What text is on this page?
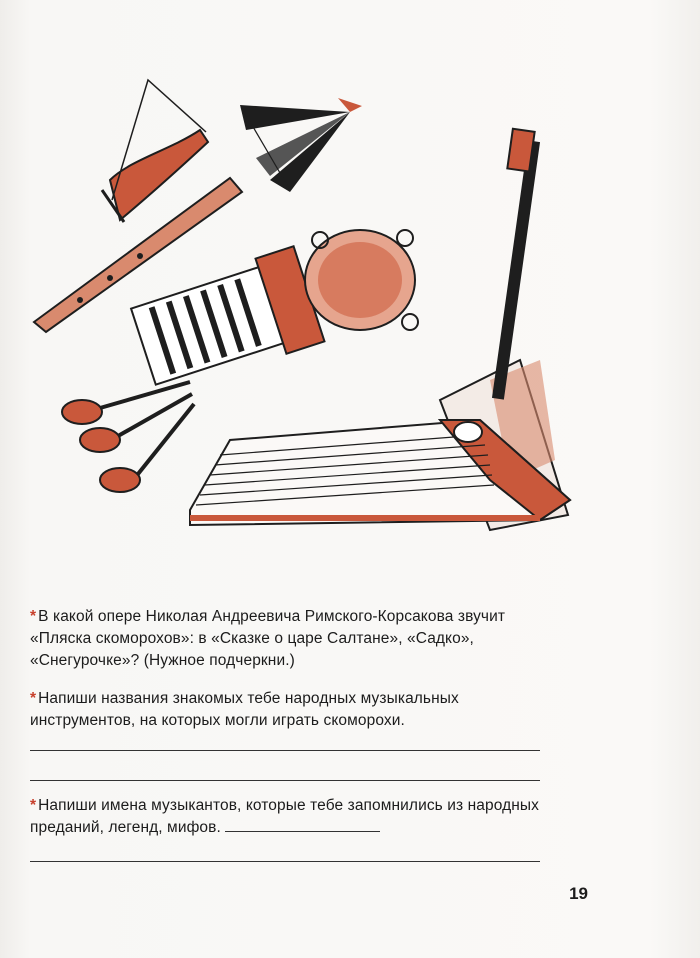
* В какой опере Николая Андреевича Римского-Корсакова звучит «Пляска скоморохов»: в «Сказке о царе Салтане», «Садко», «Снегурочке»? (Нужное подчеркни.)
* Напиши названия знакомых тебе народных музыкальных инструментов, на которых могли играть скоморохи.
* Напиши имена музыкантов, которые тебе запомнились из народных преданий, легенд, мифов.
19
